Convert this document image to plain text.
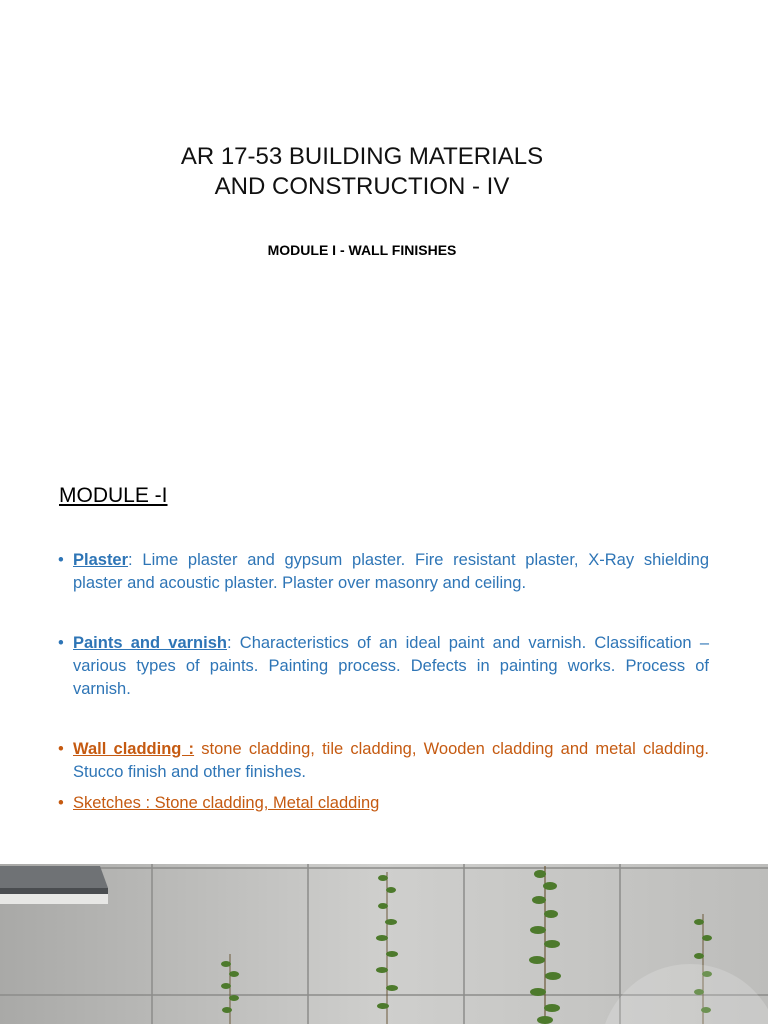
AR 17-53 BUILDING MATERIALS
AND CONSTRUCTION - IV
MODULE I - WALL FINISHES
MODULE -I
• Plaster: Lime plaster and gypsum plaster. Fire resistant plaster, X-Ray shielding plaster and acoustic plaster. Plaster over masonry and ceiling.
• Paints and varnish: Characteristics of an ideal paint and varnish. Classification – various types of paints. Painting process. Defects in painting works. Process of varnish.
• Wall cladding : stone cladding, tile cladding, Wooden cladding and metal cladding. Stucco finish and other finishes.
• Sketches : Stone cladding, Metal cladding
